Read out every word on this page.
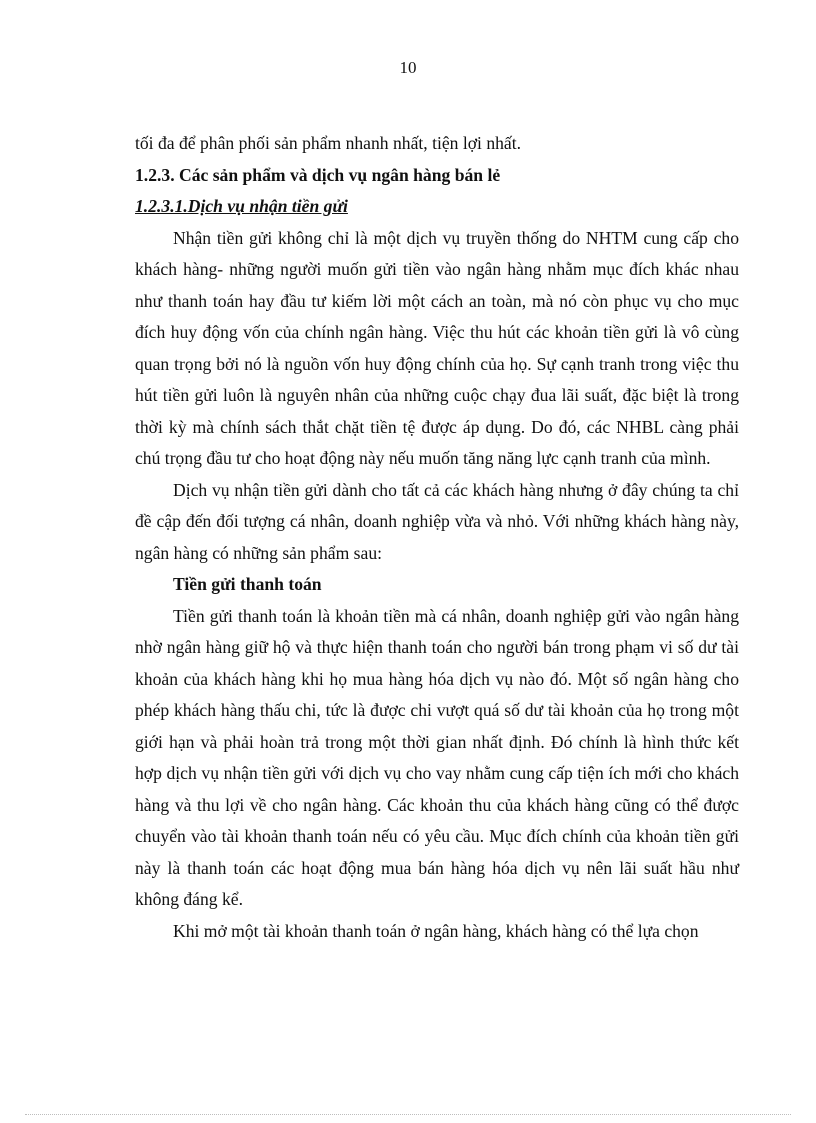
10

tối đa để phân phối sản phẩm nhanh nhất, tiện lợi nhất.

1.2.3. Các sản phẩm và dịch vụ ngân hàng bán lẻ

1.2.3.1.Dịch vụ nhận tiền gửi

Nhận tiền gửi không chỉ là một dịch vụ truyền thống do NHTM cung cấp cho khách hàng- những người muốn gửi tiền vào ngân hàng nhằm mục đích khác nhau như thanh toán hay đầu tư kiếm lời một cách an toàn, mà nó còn phục vụ cho mục đích huy động vốn của chính ngân hàng. Việc thu hút các khoản tiền gửi là vô cùng quan trọng bởi nó là nguồn vốn huy động chính của họ. Sự cạnh tranh trong việc thu hút tiền gửi luôn là nguyên nhân của những cuộc chạy đua lãi suất, đặc biệt là trong thời kỳ mà chính sách thắt chặt tiền tệ được áp dụng. Do đó, các NHBL càng phải chú trọng đầu tư cho hoạt động này nếu muốn tăng năng lực cạnh tranh của mình.

Dịch vụ nhận tiền gửi dành cho tất cả các khách hàng nhưng ở đây chúng ta chỉ đề cập đến đối tượng cá nhân, doanh nghiệp vừa và nhỏ. Với những khách hàng này, ngân hàng có những sản phẩm sau:

Tiền gửi thanh toán

Tiền gửi thanh toán là khoản tiền mà cá nhân, doanh nghiệp gửi vào ngân hàng nhờ ngân hàng giữ hộ và thực hiện thanh toán cho người bán trong phạm vi số dư tài khoản của khách hàng khi họ mua hàng hóa dịch vụ nào đó. Một số ngân hàng cho phép khách hàng thấu chi, tức là được chi vượt quá số dư tài khoản của họ trong một giới hạn và phải hoàn trả trong một thời gian nhất định. Đó chính là hình thức kết hợp dịch vụ nhận tiền gửi với dịch vụ cho vay nhằm cung cấp tiện ích mới cho khách hàng và thu lợi về cho ngân hàng. Các khoản thu của khách hàng cũng có thể được chuyển vào tài khoản thanh toán nếu có yêu cầu. Mục đích chính của khoản tiền gửi này là thanh toán các hoạt động mua bán hàng hóa dịch vụ nên lãi suất hầu như không đáng kể.

Khi mở một tài khoản thanh toán ở ngân hàng, khách hàng có thể lựa chọn
